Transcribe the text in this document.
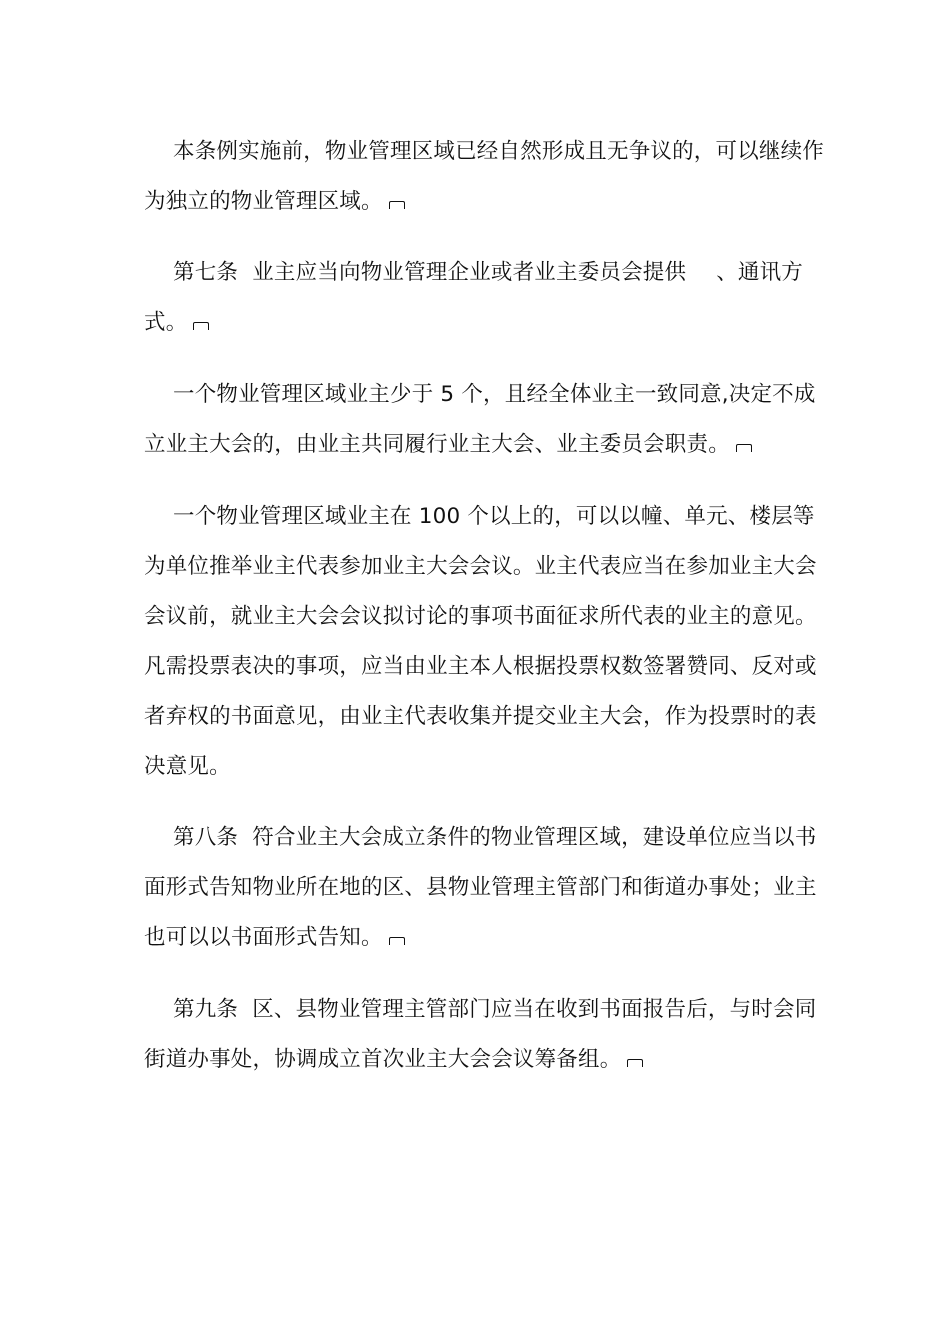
本条例实施前，物业管理区域已经自然形成且无争议的，可以继续作为独立的物业管理区域。

第七条 业主应当向物业管理企业或者业主委员会提供 、通讯方式。

一个物业管理区域业主少于 5 个，且经全体业主一致同意,决定不成立业主大会的，由业主共同履行业主大会、业主委员会职责。

一个物业管理区域业主在 100 个以上的，可以以幢、单元、楼层等为单位推举业主代表参加业主大会会议。业主代表应当在参加业主大会会议前，就业主大会会议拟讨论的事项书面征求所代表的业主的意见。凡需投票表决的事项，应当由业主本人根据投票权数签署赞同、反对或者弃权的书面意见，由业主代表收集并提交业主大会，作为投票时的表决意见。

第八条 符合业主大会成立条件的物业管理区域，建设单位应当以书面形式告知物业所在地的区、县物业管理主管部门和街道办事处；业主也可以以书面形式告知。

第九条 区、县物业管理主管部门应当在收到书面报告后，与时会同街道办事处，协调成立首次业主大会会议筹备组。
